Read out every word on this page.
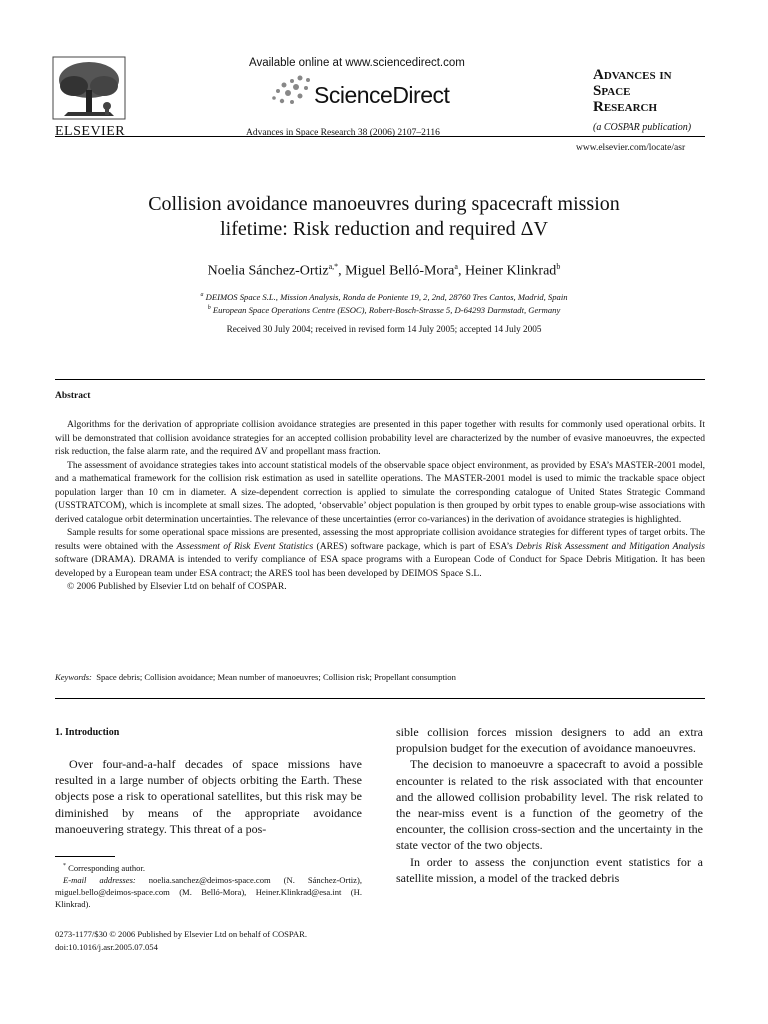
ELSEVIER
Available online at www.sciencedirect.com
ScienceDirect
Advances in Space Research 38 (2006) 2107–2116
Advances in
Space
Research
(a COSPAR publication)
www.elsevier.com/locate/asr
Collision avoidance manoeuvres during spacecraft mission
lifetime: Risk reduction and required ΔV
Noelia Sánchez-Ortiz$^{a,*}$, Miguel Belló-Mora$^a$, Heiner Klinkrad$^b$
$^a$ DEIMOS Space S.L., Mission Analysis, Ronda de Poniente 19, 2, 2nd, 28760 Tres Cantos, Madrid, Spain
$^b$ European Space Operations Centre (ESOC), Robert-Bosch-Strasse 5, D-64293 Darmstadt, Germany
Received 30 July 2004; received in revised form 14 July 2005; accepted 14 July 2005
Abstract

Algorithms for the derivation of appropriate collision avoidance strategies are presented in this paper together with results for commonly used operational orbits. It will be demonstrated that collision avoidance strategies for an accepted collision probability level are characterized by the number of evasive manoeuvres, the expected risk reduction, the false alarm rate, and the required ΔV and propellant mass fraction.

The assessment of avoidance strategies takes into account statistical models of the observable space object environment, as provided by ESA’s MASTER-2001 model, and a mathematical framework for the collision risk estimation as used in satellite operations. The MASTER-2001 model is used to mimic the trackable space object population larger than 10 cm in diameter. A size-dependent correction is applied to simulate the corresponding catalogue of United States Strategic Command (USSTRATCOM), which is incomplete at small sizes. The adopted, ‘observable’ object population is then grouped by orbit types to enable group-wise associations with derived catalogue orbit determination uncertainties. The relevance of these uncertainties (error co-variances) in the derivation of avoidance strategies is highlighted.

Sample results for some operational space missions are presented, assessing the most appropriate collision avoidance strategies for different types of target orbits. The results were obtained with the Assessment of Risk Event Statistics (ARES) software package, which is part of ESA’s Debris Risk Assessment and Mitigation Analysis software (DRAMA). DRAMA is intended to verify compliance of ESA space programs with a European Code of Conduct for Space Debris Mitigation. It has been developed by a European team under ESA contract; the ARES tool has been developed by DEIMOS Space S.L.

© 2006 Published by Elsevier Ltd on behalf of COSPAR.

Keywords: Space debris; Collision avoidance; Mean number of manoeuvres; Collision risk; Propellant consumption
1. Introduction

Over four-and-a-half decades of space missions have resulted in a large number of objects orbiting the Earth. These objects pose a risk to operational satellites, but this risk may be diminished by means of the appropriate avoidance manoeuvering strategy. This threat of a pos-

* Corresponding author.
E-mail addresses: noelia.sanchez@deimos-space.com (N. Sánchez-Ortiz), miguel.bello@deimos-space.com (M. Belló-Mora), Heiner.Klinkrad@esa.int (H. Klinkrad).
0273-1177/$30 © 2006 Published by Elsevier Ltd on behalf of COSPAR.
doi:10.1016/j.asr.2005.07.054

sible collision forces mission designers to add an extra propulsion budget for the execution of avoidance manoeuvres.

The decision to manoeuvre a spacecraft to avoid a possible encounter is related to the risk associated with that encounter and the allowed collision probability level. The risk related to the near-miss event is a function of the geometry of the encounter, the collision cross-section and the uncertainty in the state vector of the two objects.

In order to assess the conjunction event statistics for a satellite mission, a model of the tracked debris
